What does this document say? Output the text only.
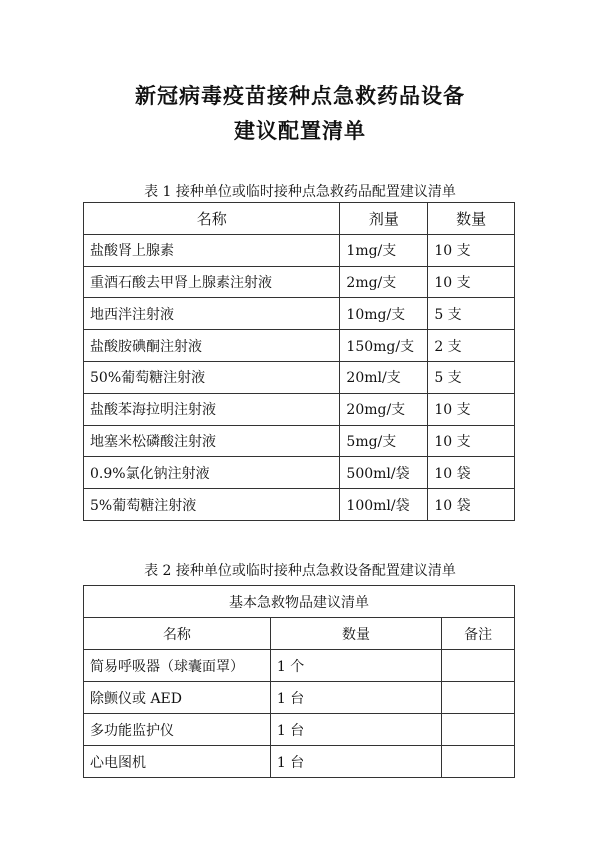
新冠病毒疫苗接种点急救药品设备
建议配置清单
表 1 接种单位或临时接种点急救药品配置建议清单
名称	剂量	数量
盐酸肾上腺素	1mg/支	10 支
重酒石酸去甲肾上腺素注射液	2mg/支	10 支
地西泮注射液	10mg/支	5 支
盐酸胺碘酮注射液	150mg/支	2 支
50%葡萄糖注射液	20ml/支	5 支
盐酸苯海拉明注射液	20mg/支	10 支
地塞米松磷酸注射液	5mg/支	10 支
0.9%氯化钠注射液	500ml/袋	10 袋
5%葡萄糖注射液	100ml/袋	10 袋
表 2 接种单位或临时接种点急救设备配置建议清单
基本急救物品建议清单		
名称	数量	备注
简易呼吸器（球囊面罩）	1 个	
除颤仪或 AED	1 台	
多功能监护仪	1 台	
心电图机	1 台	
